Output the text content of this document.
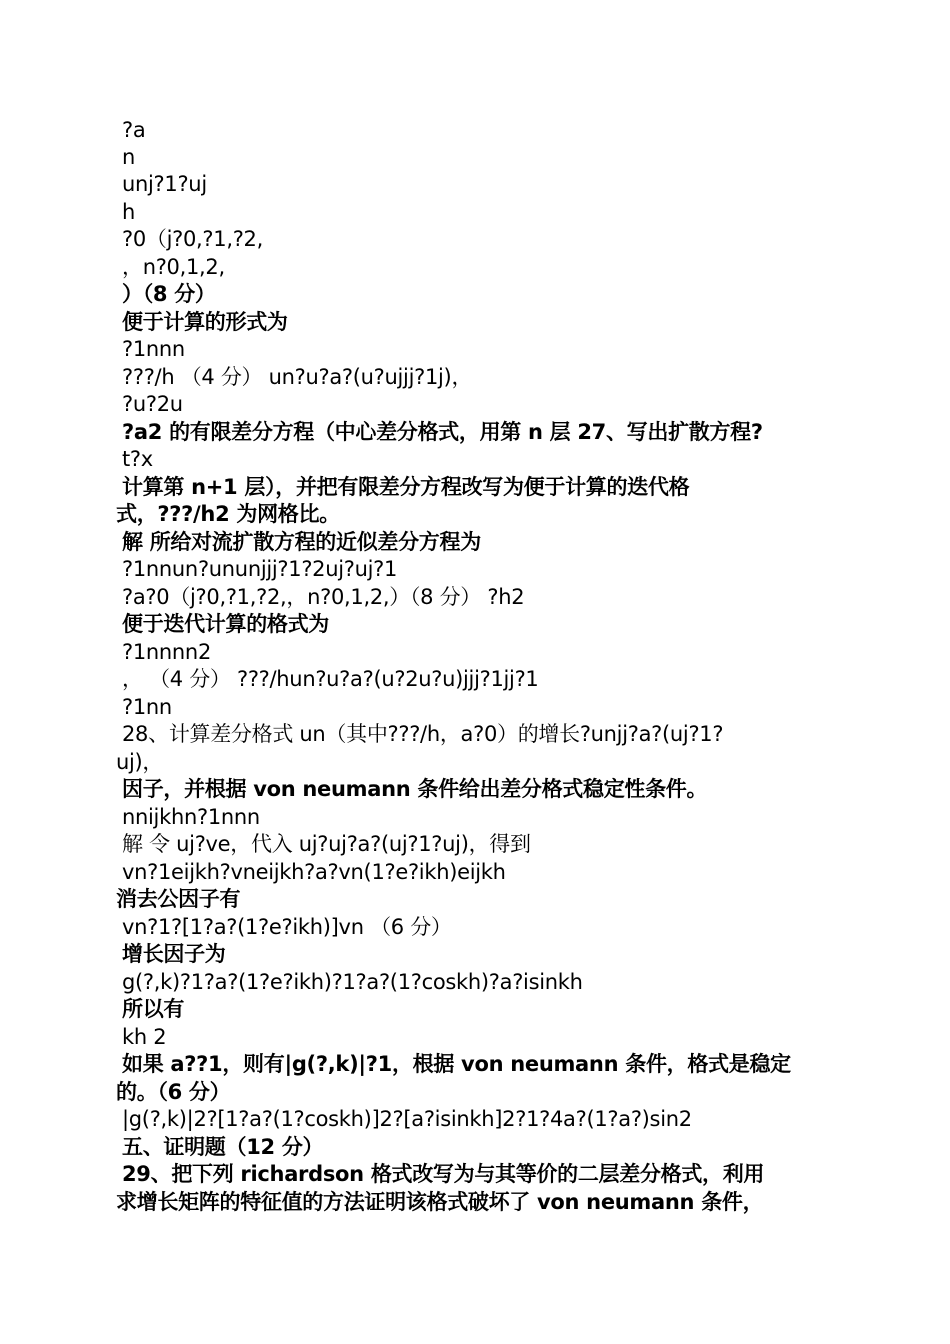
?a
n
unj?1?uj
h
?0（j?0,?1,?2,
，n?0,1,2,
）（8 分）
便于计算的形式为
?1nnn
???/h （4 分） un?u?a?(u?ujjj?1j)，
?u?2u
?a2 的有限差分方程（中心差分格式，用第 n 层 27、写出扩散方程?
t?x
计算第 n+1 层），并把有限差分方程改写为便于计算的迭代格
式，???/h2 为网格比。
解 所给对流扩散方程的近似差分方程为
?1nnun?ununjjj?1?2uj?uj?1
?a?0（j?0,?1,?2,，n?0,1,2,）（8 分） ?h2
便于迭代计算的格式为
?1nnnn2
， （4 分） ???/hun?u?a?(u?2u?u)jjj?1jj?1
?1nn
28、计算差分格式 un（其中???/h，a?0）的增长?unjj?a?(uj?1?
uj)，
因子，并根据 von neumann 条件给出差分格式稳定性条件。
nnijkhn?1nnn
解 令 uj?ve，代入 uj?uj?a?(uj?1?uj)，得到
vn?1eijkh?vneijkh?a?vn(1?e?ikh)eijkh
消去公因子有
vn?1?[1?a?(1?e?ikh)]vn （6 分）
增长因子为
g(?,k)?1?a?(1?e?ikh)?1?a?(1?coskh)?a?isinkh
所以有
kh 2
如果 a??1，则有|g(?,k)|?1，根据 von neumann 条件，格式是稳定
的。（6 分）
|g(?,k)|2?[1?a?(1?coskh)]2?[a?isinkh]2?1?4a?(1?a?)sin2
五、证明题（12 分）
29、把下列 richardson 格式改写为与其等价的二层差分格式，利用
求增长矩阵的特征值的方法证明该格式破坏了 von neumann 条件，
